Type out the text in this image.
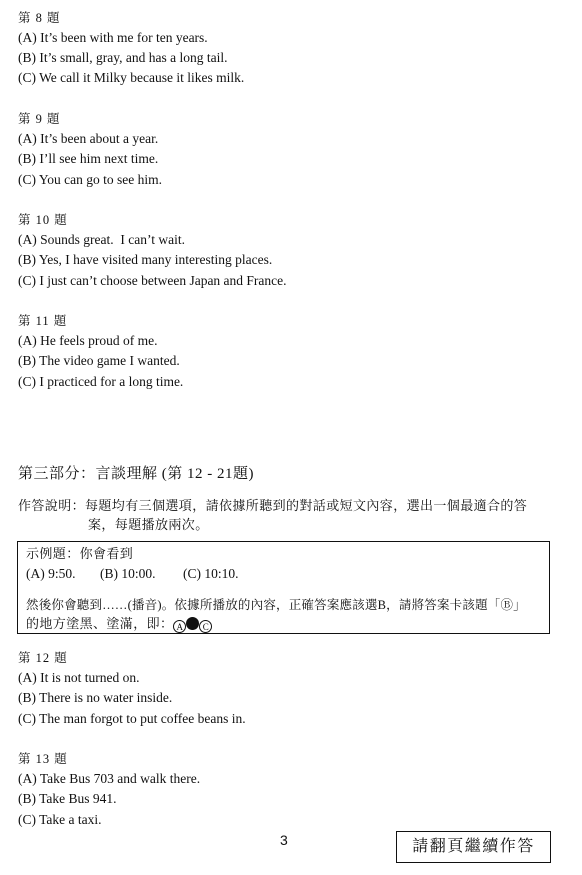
第 8 題
(A) It’s been with me for ten years.
(B) It’s small, gray, and has a long tail.
(C) We call it Milky because it likes milk.
第 9 題
(A) It’s been about a year.
(B) I’ll see him next time.
(C) You can go to see him.
第 10 題
(A) Sounds great.  I can’t wait.
(B) Yes, I have visited many interesting places.
(C) I just can’t choose between Japan and France.
第 11 題
(A) He feels proud of me.
(B) The video game I wanted.
(C) I practiced for a long time.
第三部分：言談理解 (第 12 - 21題)
作答說明：每題均有三個選項，請依據所聽到的對話或短文內容，選出一個最適合的答
案，每題播放兩次。
示例題：你會看到
(A) 9:50. (B) 10:00. (C) 10:10.
然後你會聽到……(播音)。依據所播放的內容，正確答案應該選B，請將答案卡該題「Ⓑ」
的地方塗黑、塗滿，即： A C
第 12 題
(A) It is not turned on.
(B) There is no water inside.
(C) The man forgot to put coffee beans in.
第 13 題
(A) Take Bus 703 and walk there.
(B) Take Bus 941.
(C) Take a taxi.
3	請翻頁繼續作答
